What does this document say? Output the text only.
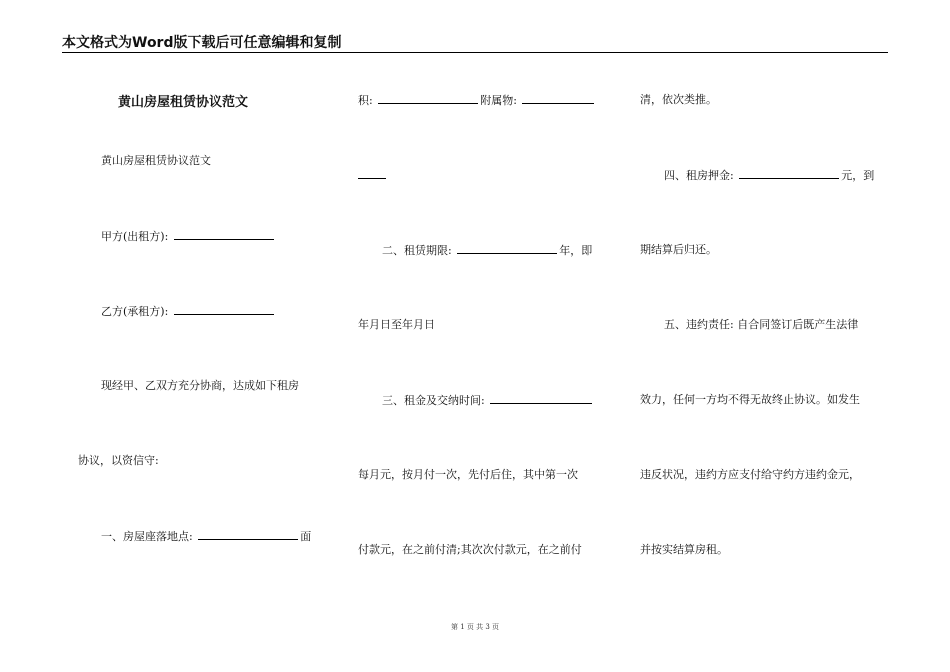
本文格式为Word版下载后可任意编辑和复制
黄山房屋租赁协议范文
黄山房屋租赁协议范文
甲方(出租方):
乙方(承租方):
现经甲、乙双方充分协商，达成如下租房
协议，以资信守:
一、房屋座落地点:	面
积:	附属物:
二、租赁期限:	年，即
年月日至年月日
三、租金及交纳时间:
每月元，按月付一次，先付后住，其中第一次
付款元，在之前付清;其次次付款元，在之前付
清，依次类推。
四、租房押金:	元，到
期结算后归还。
五、违约责任: 自合同签订后既产生法律
效力，任何一方均不得无故终止协议。如发生
违反状况，违约方应支付给守约方违约金元，
并按实结算房租。
第 1 页 共 3 页
